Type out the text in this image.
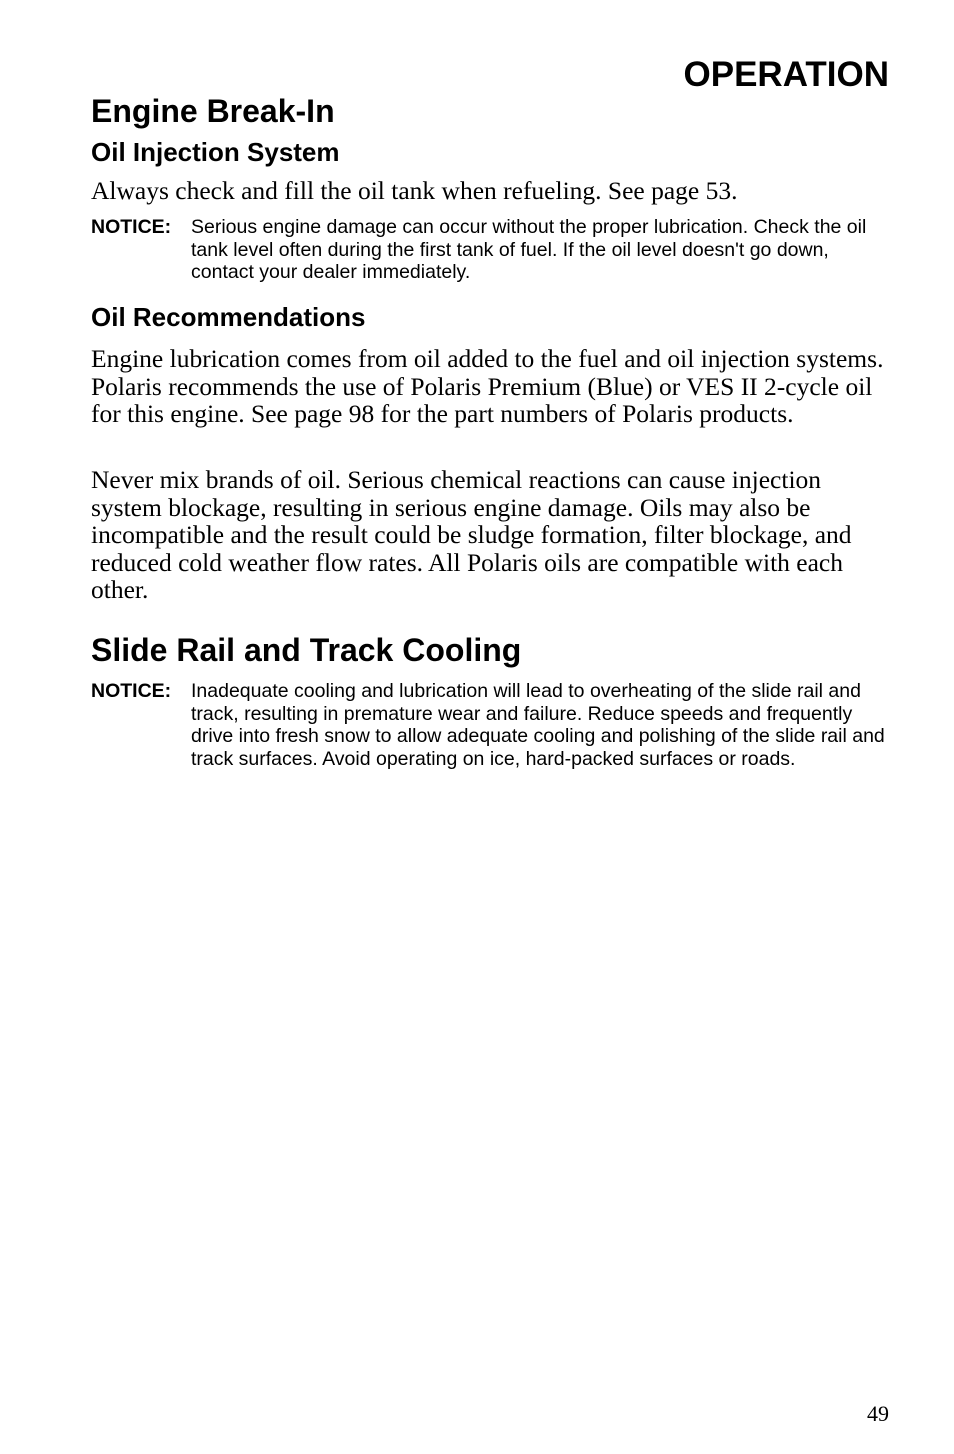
OPERATION
Engine Break-In
Oil Injection System

Always check and fill the oil tank when refueling. See page 53.

NOTICE: Serious engine damage can occur without the proper lubrication. Check the oil tank level often during the first tank of fuel. If the oil level doesn't go down, contact your dealer immediately.
Oil Recommendations

Engine lubrication comes from oil added to the fuel and oil injection systems. Polaris recommends the use of Polaris Premium (Blue) or VES II 2-cycle oil for this engine. See page 98 for the part numbers of Polaris products.

Never mix brands of oil. Serious chemical reactions can cause injection system blockage, resulting in serious engine damage. Oils may also be incompatible and the result could be sludge formation, filter blockage, and reduced cold weather flow rates. All Polaris oils are compatible with each other.

Slide Rail and Track Cooling
NOTICE: Inadequate cooling and lubrication will lead to overheating of the slide rail and track, resulting in premature wear and failure. Reduce speeds and frequently drive into fresh snow to allow adequate cooling and polishing of the slide rail and track surfaces. Avoid operating on ice, hard-packed surfaces or roads.
49
